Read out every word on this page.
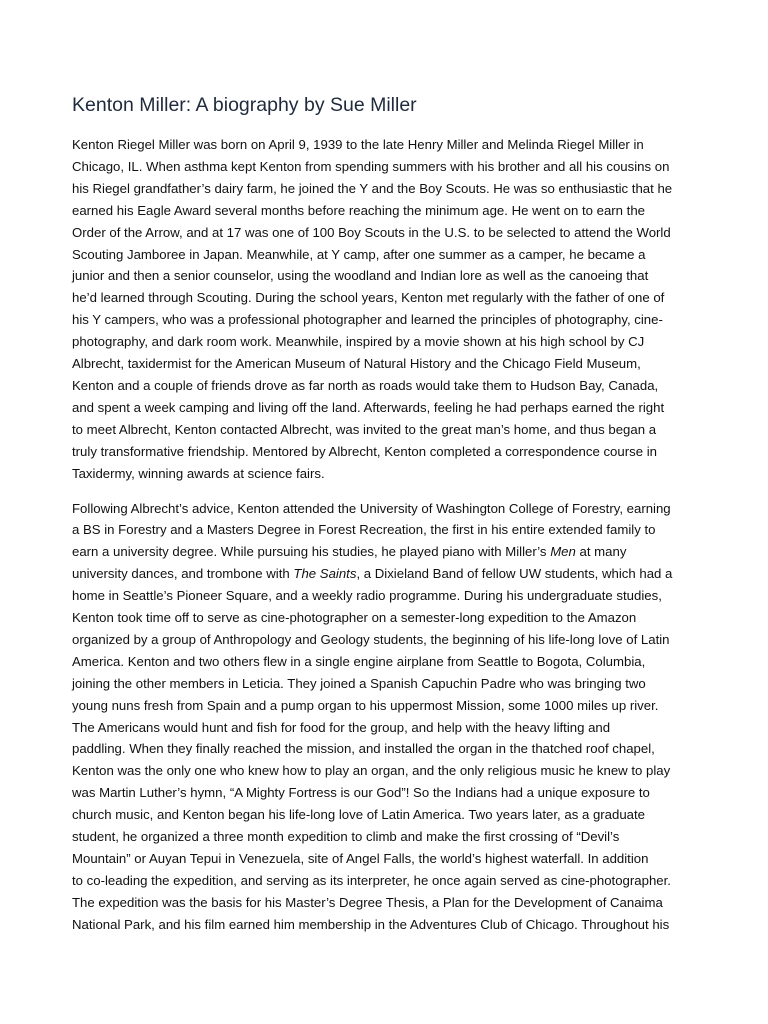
Kenton Miller: A biography by Sue Miller

Kenton Riegel Miller was born on April 9, 1939 to the late Henry Miller and Melinda Riegel Miller in
Chicago, IL. When asthma kept Kenton from spending summers with his brother and all his cousins on
his Riegel grandfather’s dairy farm, he joined the Y and the Boy Scouts. He was so enthusiastic that he
earned his Eagle Award several months before reaching the minimum age. He went on to earn the
Order of the Arrow, and at 17 was one of 100 Boy Scouts in the U.S. to be selected to attend the World
Scouting Jamboree in Japan. Meanwhile, at Y camp, after one summer as a camper, he became a
junior and then a senior counselor, using the woodland and Indian lore as well as the canoeing that
he’d learned through Scouting. During the school years, Kenton met regularly with the father of one of
his Y campers, who was a professional photographer and learned the principles of photography, cine-
photography, and dark room work. Meanwhile, inspired by a movie shown at his high school by CJ
Albrecht, taxidermist for the American Museum of Natural History and the Chicago Field Museum,
Kenton and a couple of friends drove as far north as roads would take them to Hudson Bay, Canada,
and spent a week camping and living off the land. Afterwards, feeling he had perhaps earned the right
to meet Albrecht, Kenton contacted Albrecht, was invited to the great man’s home, and thus began a
truly transformative friendship. Mentored by Albrecht, Kenton completed a correspondence course in
Taxidermy, winning awards at science fairs.

Following Albrecht’s advice, Kenton attended the University of Washington College of Forestry, earning
a BS in Forestry and a Masters Degree in Forest Recreation, the first in his entire extended family to
earn a university degree. While pursuing his studies, he played piano with Miller’s Men at many
university dances, and trombone with The Saints, a Dixieland Band of fellow UW students, which had a
home in Seattle’s Pioneer Square, and a weekly radio programme. During his undergraduate studies,
Kenton took time off to serve as cine-photographer on a semester-long expedition to the Amazon
organized by a group of Anthropology and Geology students, the beginning of his life-long love of Latin
America. Kenton and two others flew in a single engine airplane from Seattle to Bogota, Columbia,
joining the other members in Leticia. They joined a Spanish Capuchin Padre who was bringing two
young nuns fresh from Spain and a pump organ to his uppermost Mission, some 1000 miles up river.
The Americans would hunt and fish for food for the group, and help with the heavy lifting and
paddling. When they finally reached the mission, and installed the organ in the thatched roof chapel,
Kenton was the only one who knew how to play an organ, and the only religious music he knew to play
was Martin Luther’s hymn, “A Mighty Fortress is our God”! So the Indians had a unique exposure to
church music, and Kenton began his life-long love of Latin America. Two years later, as a graduate
student, he organized a three month expedition to climb and make the first crossing of “Devil’s
Mountain” or Auyan Tepui in Venezuela, site of Angel Falls, the world’s highest waterfall. In addition
to co-leading the expedition, and serving as its interpreter, he once again served as cine-photographer.
The expedition was the basis for his Master’s Degree Thesis, a Plan for the Development of Canaima
National Park, and his film earned him membership in the Adventures Club of Chicago. Throughout his
